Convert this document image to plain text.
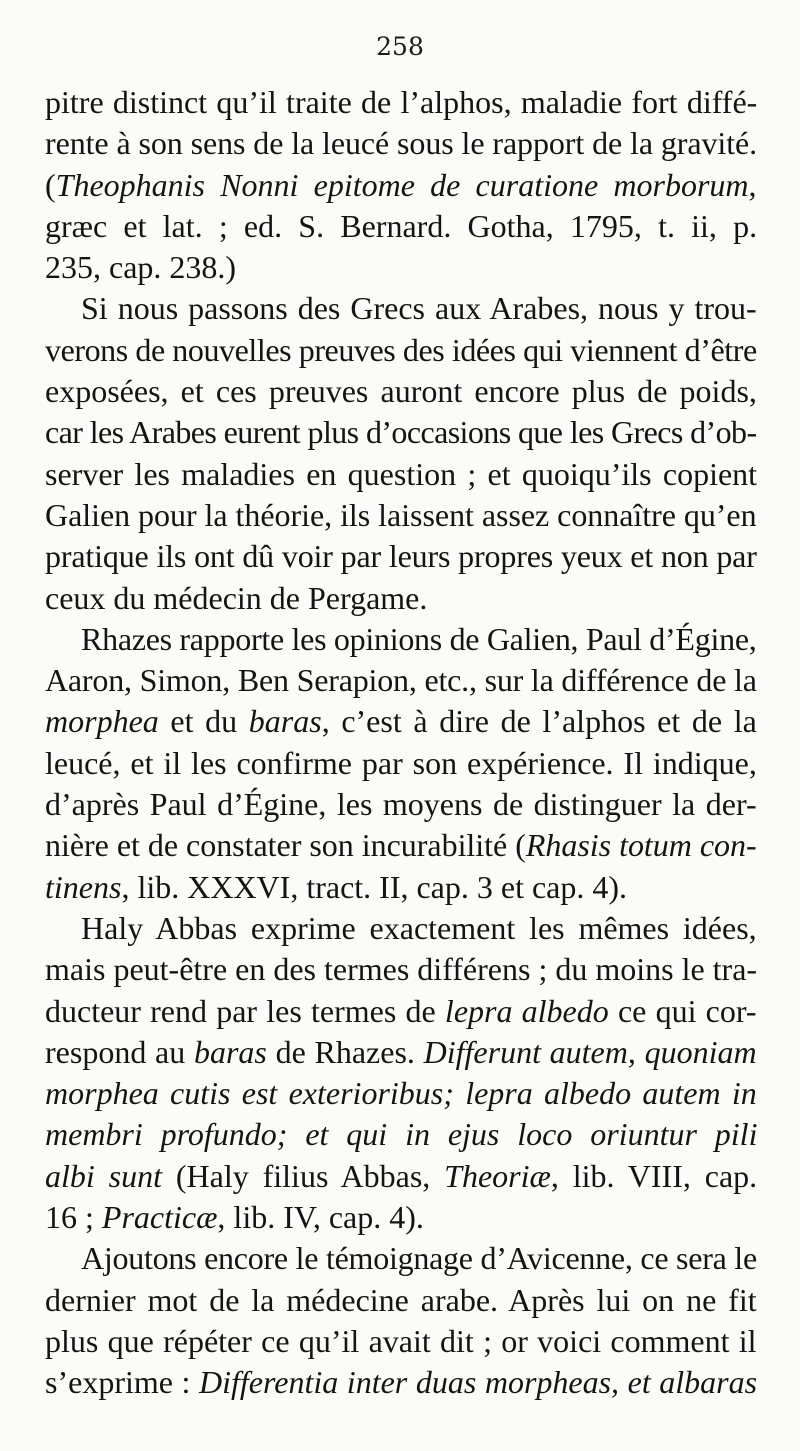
258
pitre distinct qu’il traite de l’alphos, maladie fort diffé-
rente à son sens de la leucé sous le rapport de la gravité.
(Theophanis Nonni epitome de curatione morborum,
græc et lat. ; ed. S. Bernard. Gotha, 1795, t. ii, p.
235, cap. 238.)
Si nous passons des Grecs aux Arabes, nous y trou-
verons de nouvelles preuves des idées qui viennent d’être
exposées, et ces preuves auront encore plus de poids,
car les Arabes eurent plus d’occasions que les Grecs d’ob-
server les maladies en question ; et quoiqu’ils copient
Galien pour la théorie, ils laissent assez connaître qu’en
pratique ils ont dû voir par leurs propres yeux et non par
ceux du médecin de Pergame.
Rhazes rapporte les opinions de Galien, Paul d’Égine,
Aaron, Simon, Ben Serapion, etc., sur la différence de la
morphea et du baras, c’est à dire de l’alphos et de la
leucé, et il les confirme par son expérience. Il indique,
d’après Paul d’Égine, les moyens de distinguer la der-
nière et de constater son incurabilité (Rhasis totum con-
tinens, lib. XXXVI, tract. II, cap. 3 et cap. 4).
Haly Abbas exprime exactement les mêmes idées,
mais peut-être en des termes différens ; du moins le tra-
ducteur rend par les termes de lepra albedo ce qui cor-
respond au baras de Rhazes. Differunt autem, quoniam
morphea cutis est exterioribus; lepra albedo autem in
membri profundo; et qui in ejus loco oriuntur pili
albi sunt (Haly filius Abbas, Theoriæ, lib. VIII, cap.
16 ; Practicæ, lib. IV, cap. 4).
Ajoutons encore le témoignage d’Avicenne, ce sera le
dernier mot de la médecine arabe. Après lui on ne fit
plus que répéter ce qu’il avait dit ; or voici comment il
s’exprime : Differentia inter duas morpheas, et albaras
